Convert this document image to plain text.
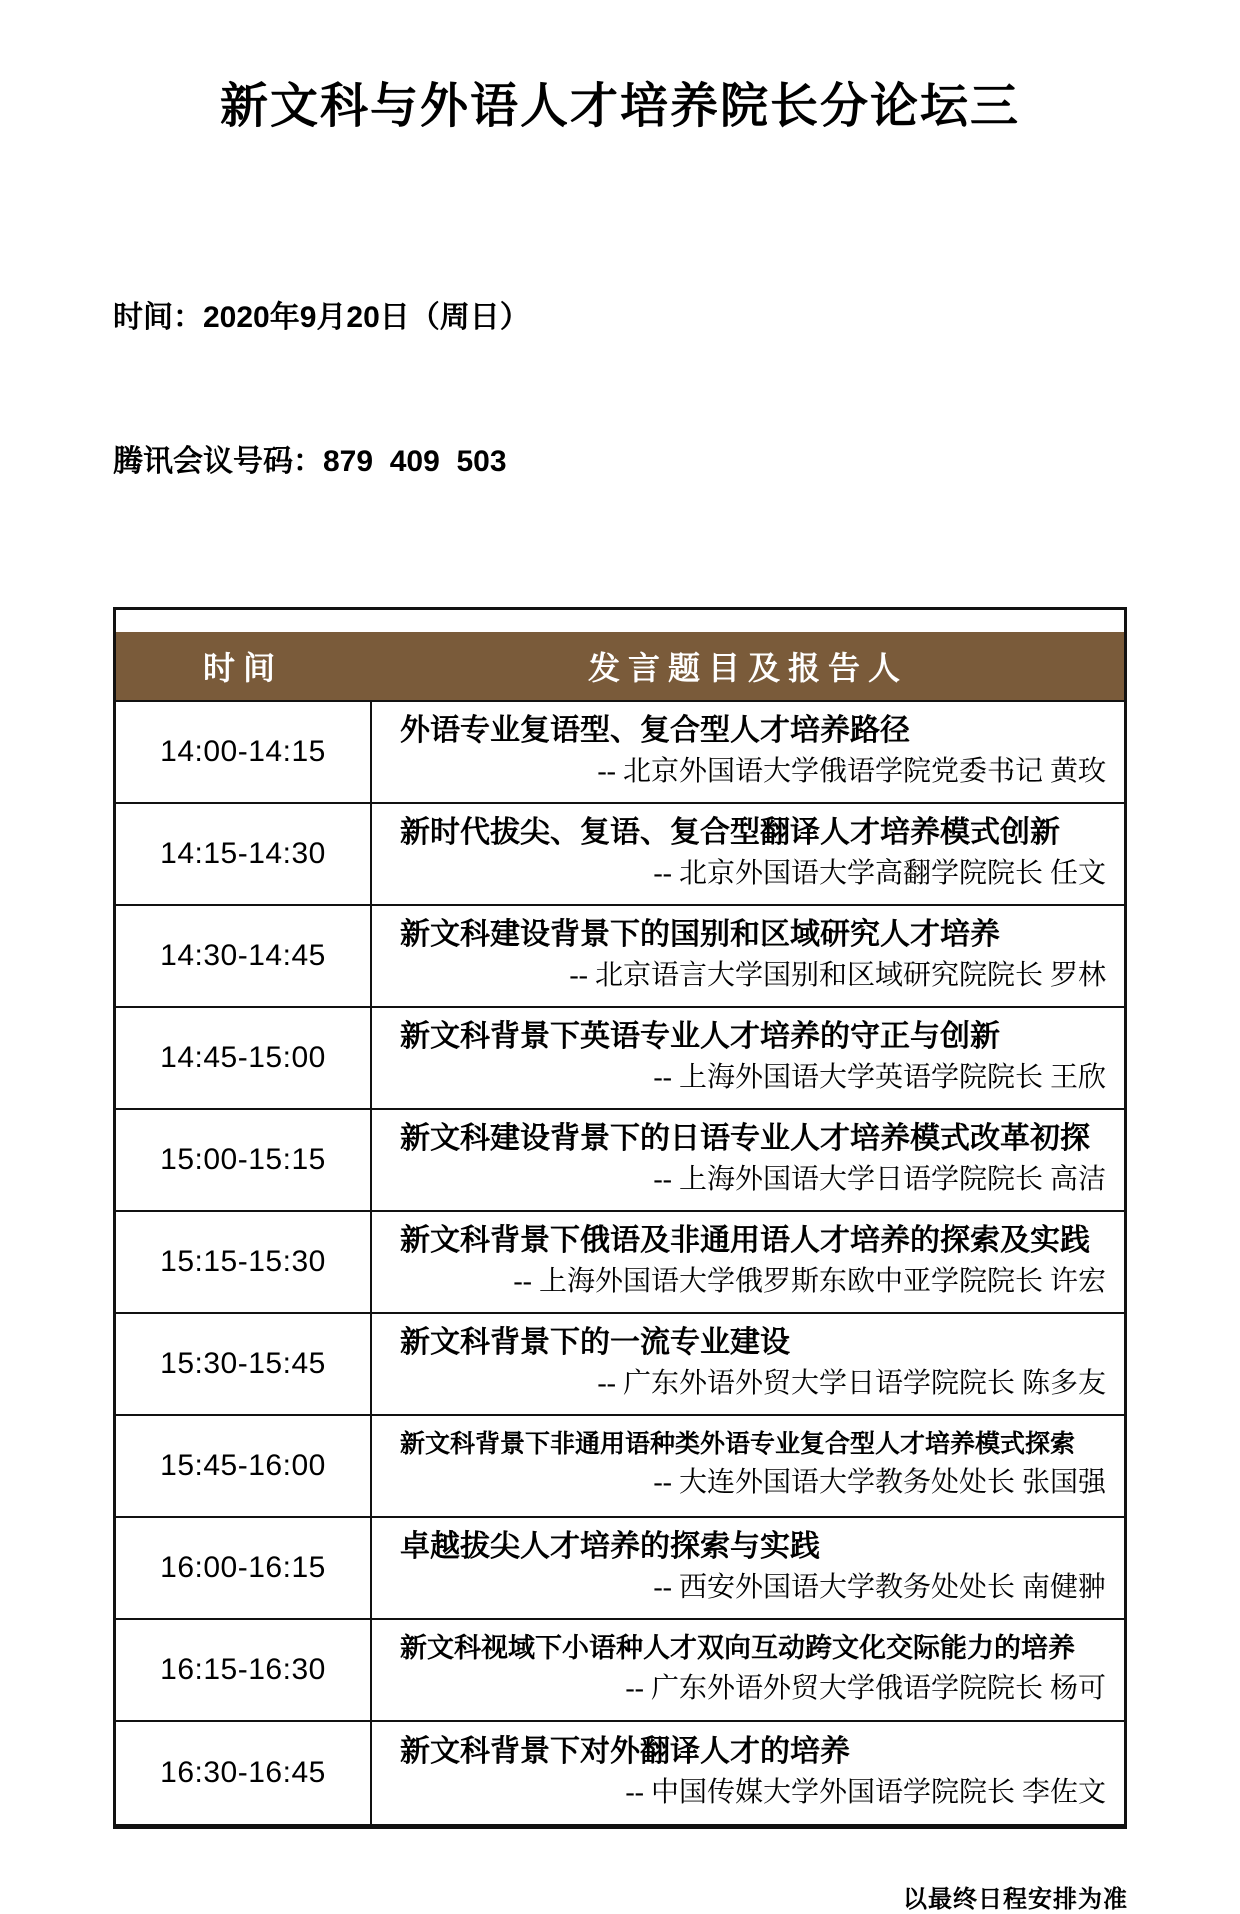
新文科与外语人才培养院长分论坛三

时间：2020年9月20日（周日）

腾讯会议号码：879  409  503

时间	发言题目及报告人
14:00-14:15
外语专业复语型、复合型人才培养路径
-- 北京外国语大学俄语学院党委书记 黄玫
14:15-14:30
新时代拔尖、复语、复合型翻译人才培养模式创新
-- 北京外国语大学高翻学院院长 任文
14:30-14:45
新文科建设背景下的国别和区域研究人才培养
-- 北京语言大学国别和区域研究院院长 罗林
14:45-15:00
新文科背景下英语专业人才培养的守正与创新
-- 上海外国语大学英语学院院长 王欣
15:00-15:15
新文科建设背景下的日语专业人才培养模式改革初探
-- 上海外国语大学日语学院院长 高洁
15:15-15:30
新文科背景下俄语及非通用语人才培养的探索及实践
-- 上海外国语大学俄罗斯东欧中亚学院院长 许宏
15:30-15:45
新文科背景下的一流专业建设
-- 广东外语外贸大学日语学院院长 陈多友
15:45-16:00
新文科背景下非通用语种类外语专业复合型人才培养模式探索
-- 大连外国语大学教务处处长 张国强
16:00-16:15
卓越拔尖人才培养的探索与实践
-- 西安外国语大学教务处处长 南健翀
16:15-16:30
新文科视域下小语种人才双向互动跨文化交际能力的培养
-- 广东外语外贸大学俄语学院院长 杨可
16:30-16:45
新文科背景下对外翻译人才的培养
-- 中国传媒大学外国语学院院长 李佐文
以最终日程安排为准
